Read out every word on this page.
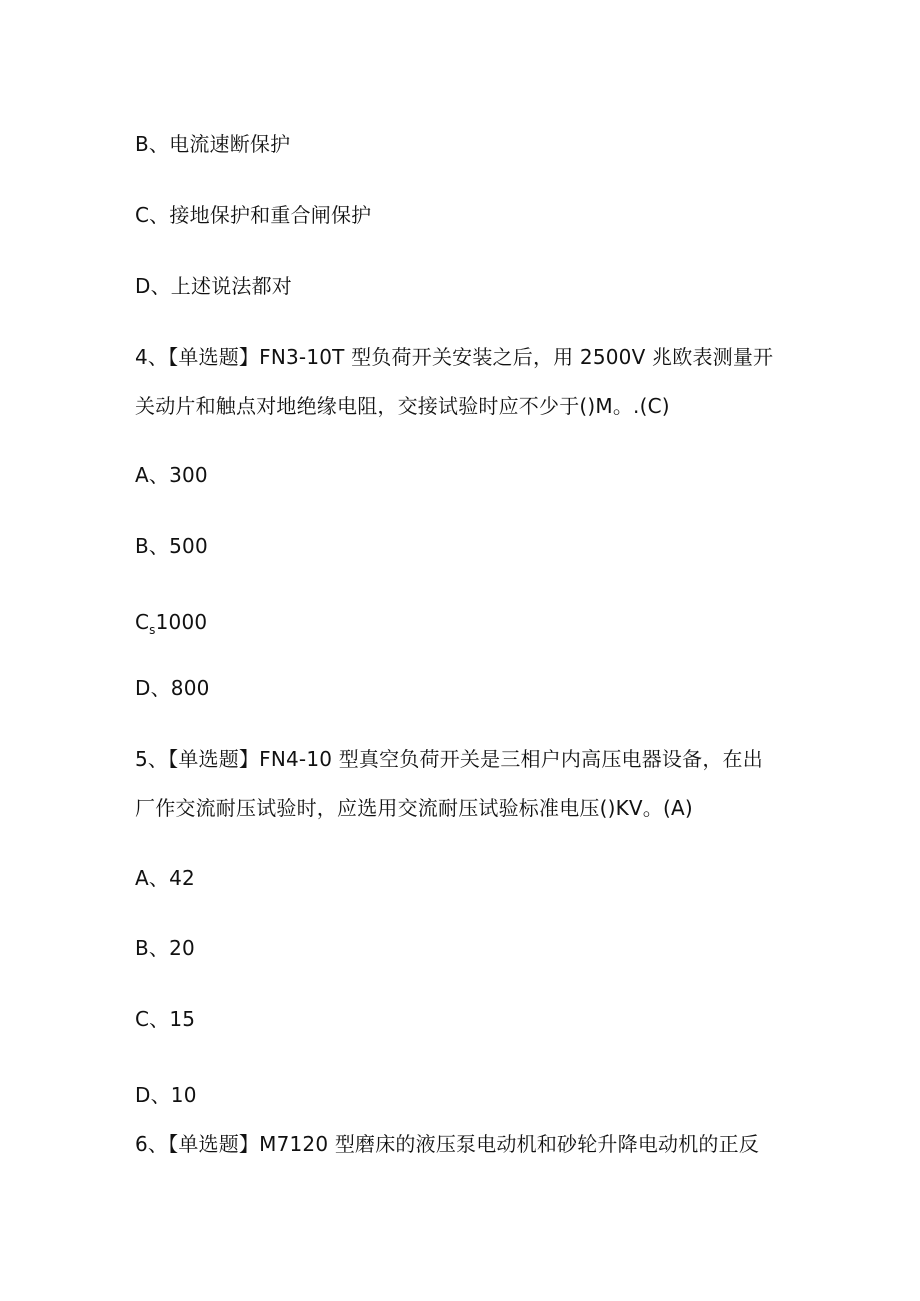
B、电流速断保护
C、接地保护和重合闸保护
D、上述说法都对
4、【单选题】FN3-10T 型负荷开关安装之后，用 2500V 兆欧表测量开
关动片和触点对地绝缘电阻，交接试验时应不少于()M。.(C)
A、300
B、500
$C_s1000$
D、800
5、【单选题】FN4-10 型真空负荷开关是三相户内高压电器设备，在出
厂作交流耐压试验时，应选用交流耐压试验标准电压()KV。(A)
A、42
B、20
C、15
D、10
6、【单选题】M7120 型磨床的液压泵电动机和砂轮升降电动机的正反
